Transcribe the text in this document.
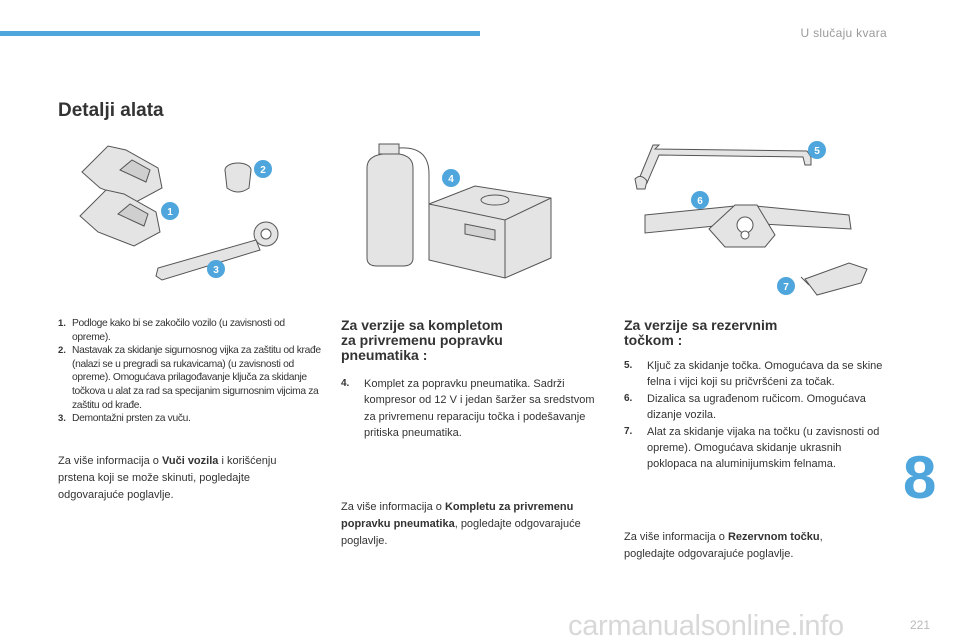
U slučaju kvara
Detalji alata
1
2
3
4
5
6
7
1. Podloge kako bi se zakočilo vozilo (u zavisnosti od opreme).
2. Nastavak za skidanje sigurnosnog vijka za zaštitu od krađe (nalazi se u pregradi sa rukavicama) (u zavisnosti od opreme). Omogućava prilagođavanje ključa za skidanje točkova u alat za rad sa specijanim sigurnosnim vijcima za zaštitu od krađe.
3. Demontažni prsten za vuču.
Za više informacija o Vuči vozila i korišćenju prstena koji se može skinuti, pogledajte odgovarajuće poglavlje.
Za verzije sa kompletom
za privremenu popravku
pneumatika :
4.	Komplet za popravku pneumatika. Sadrži kompresor od 12 V i jedan šaržer sa sredstvom za privremenu reparaciju točka i podešavanje pritiska pneumatika.
Za više informacija o Kompletu za privremenu popravku pneumatika, pogledajte odgovarajuće poglavlje.
Za verzije sa rezervnim
točkom :
5.	Ključ za skidanje točka. Omogućava da se skine felna i vijci koji su pričvršćeni za točak.
6.	Dizalica sa ugrađenom ručicom. Omogućava dizanje vozila.
7.	Alat za skidanje vijaka na točku (u zavisnosti od opreme). Omogućava skidanje ukrasnih poklopaca na aluminijumskim felnama.
Za više informacija o Rezervnom točku, pogledajte odgovarajuće poglavlje.
8
carmanualsonline.info	221
